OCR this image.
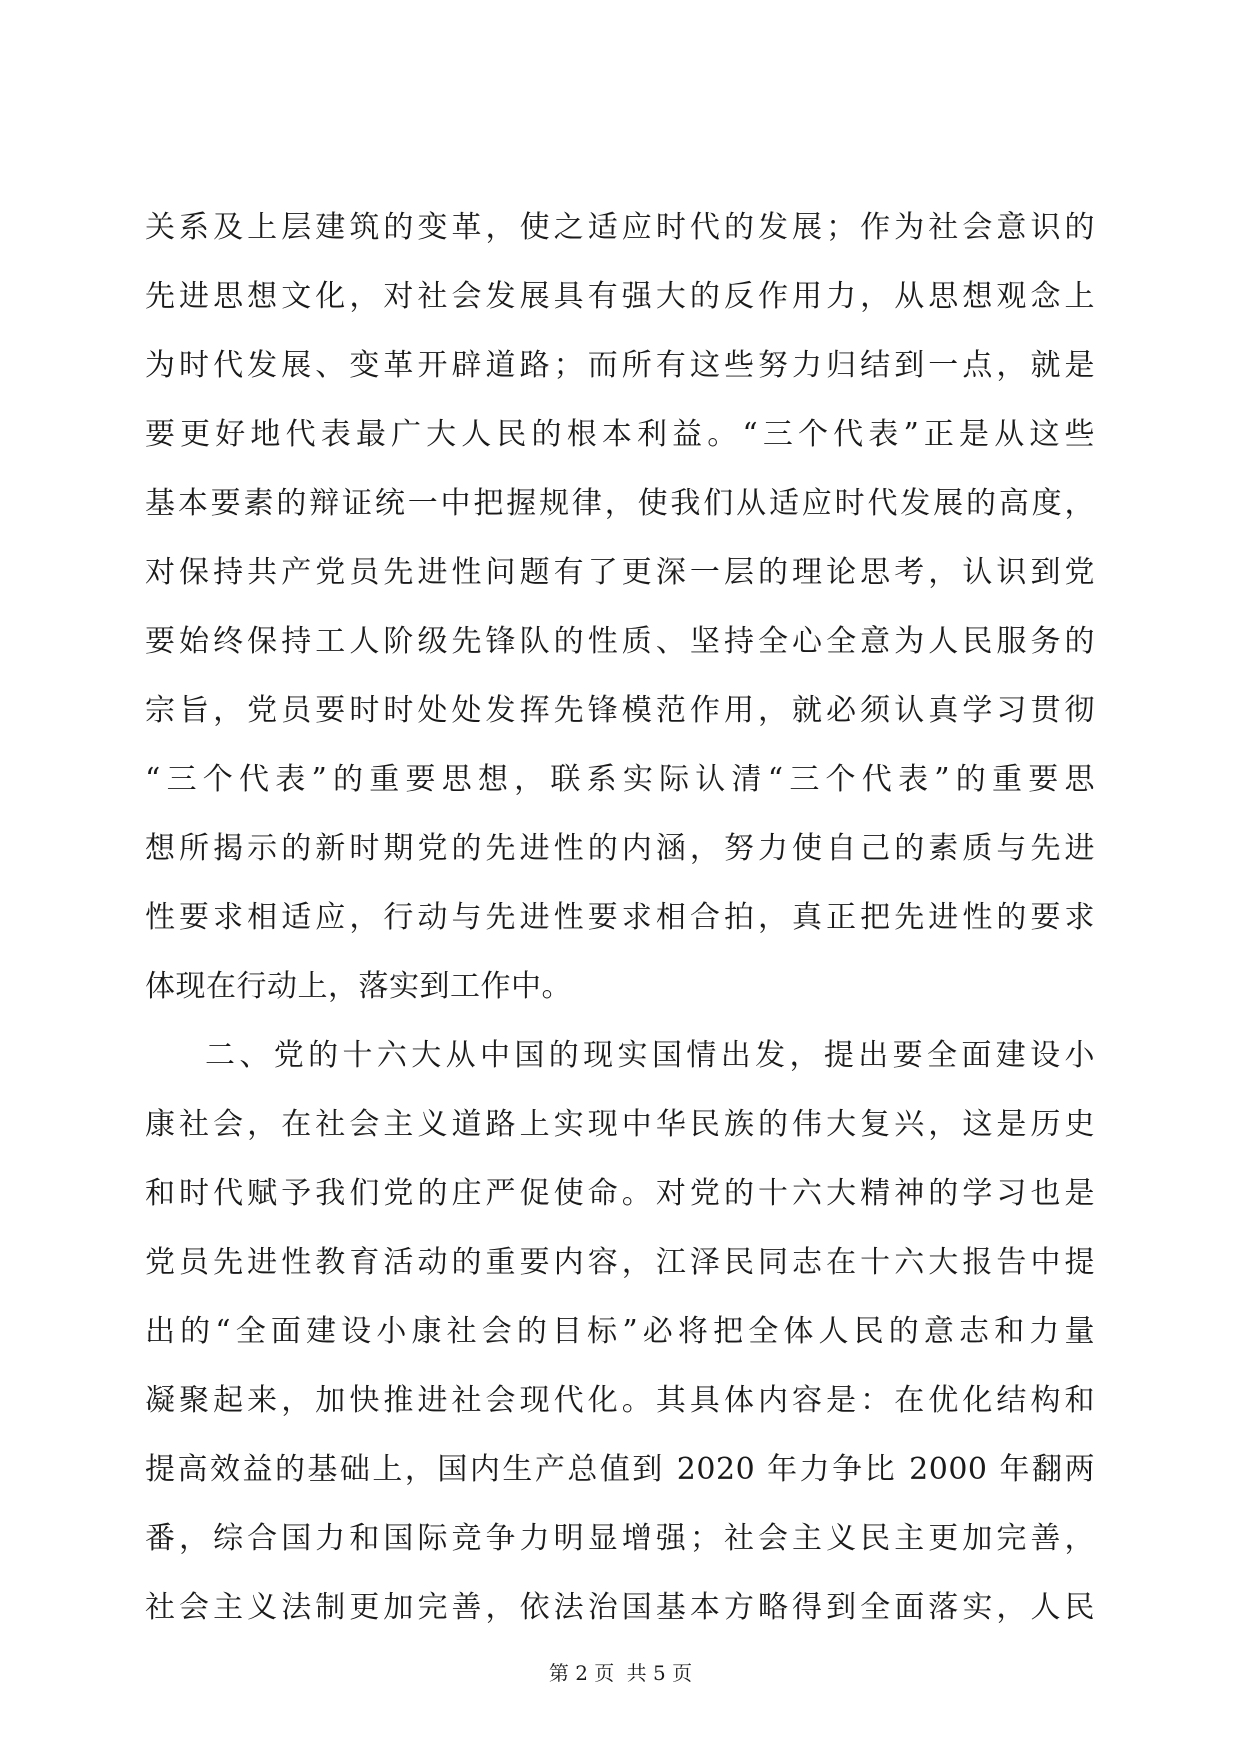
关系及上层建筑的变革，使之适应时代的发展；作为社会意识的
先进思想文化，对社会发展具有强大的反作用力，从思想观念上
为时代发展、变革开辟道路；而所有这些努力归结到一点，就是
要更好地代表最广大人民的根本利益。“三个代表”正是从这些
基本要素的辩证统一中把握规律，使我们从适应时代发展的高度，
对保持共产党员先进性问题有了更深一层的理论思考，认识到党
要始终保持工人阶级先锋队的性质、坚持全心全意为人民服务的
宗旨，党员要时时处处发挥先锋模范作用，就必须认真学习贯彻
“三个代表”的重要思想，联系实际认清“三个代表”的重要思
想所揭示的新时期党的先进性的内涵，努力使自己的素质与先进
性要求相适应，行动与先进性要求相合拍，真正把先进性的要求
体现在行动上，落实到工作中。
二、党的十六大从中国的现实国情出发，提出要全面建设小
康社会，在社会主义道路上实现中华民族的伟大复兴，这是历史
和时代赋予我们党的庄严促使命。对党的十六大精神的学习也是
党员先进性教育活动的重要内容，江泽民同志在十六大报告中提
出的“全面建设小康社会的目标”必将把全体人民的意志和力量
凝聚起来，加快推进社会现代化。其具体内容是：在优化结构和
提高效益的基础上，国内生产总值到 2020 年力争比 2000 年翻两
番，综合国力和国际竞争力明显增强；社会主义民主更加完善，
社会主义法制更加完善，依法治国基本方略得到全面落实，人民
第 2 页 共 5 页
